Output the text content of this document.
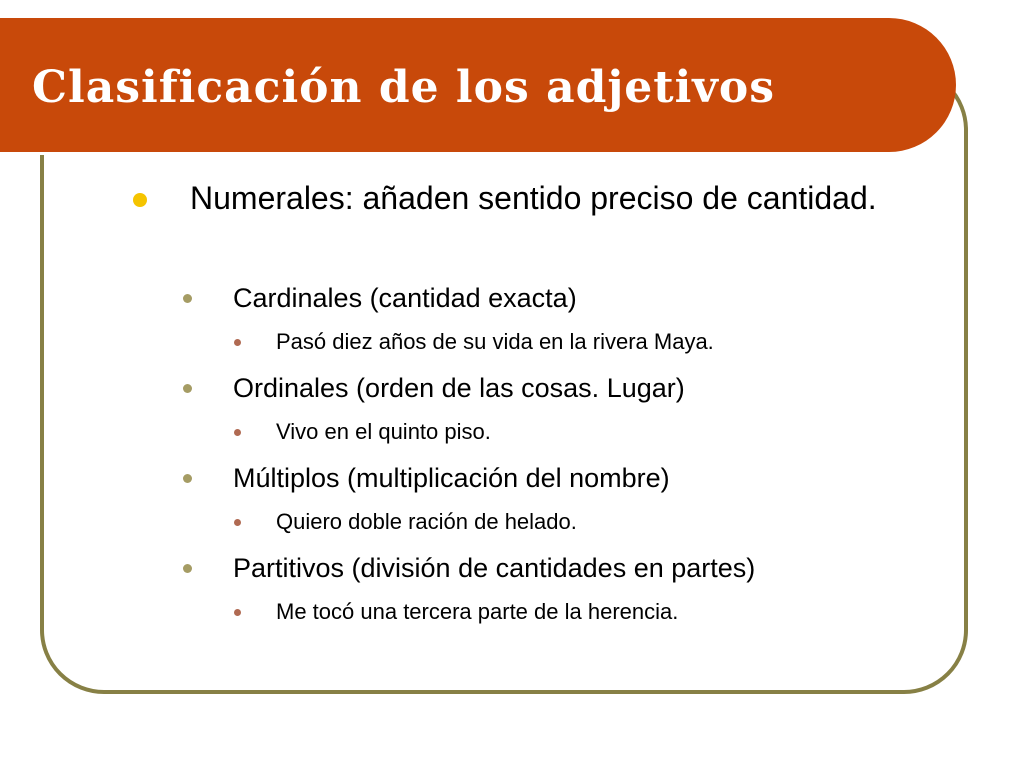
Clasificación de los adjetivos
Numerales: añaden sentido preciso de cantidad.
Cardinales (cantidad exacta)
Pasó diez años de su vida en la rivera Maya.
Ordinales (orden de las cosas. Lugar)
Vivo en el quinto piso.
Múltiplos (multiplicación del nombre)
Quiero doble ración de helado.
Partitivos (división de cantidades en partes)
Me tocó una tercera parte de la herencia.
